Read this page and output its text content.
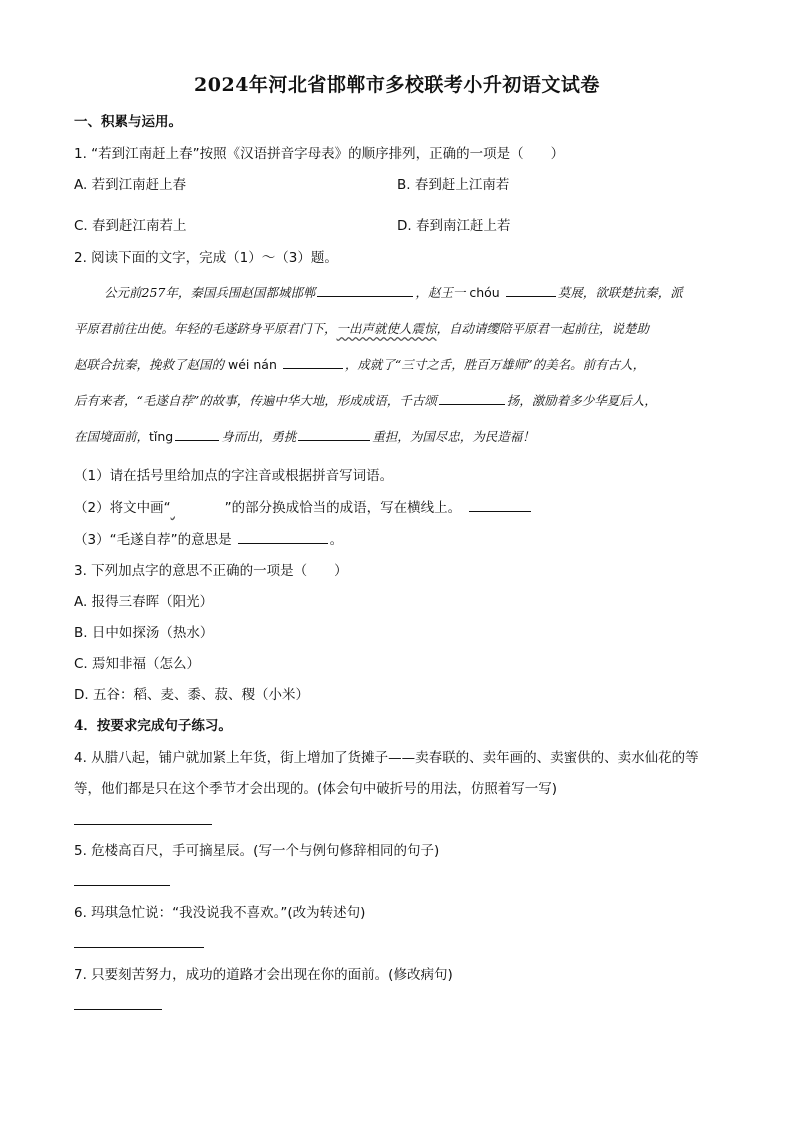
2024年河北省邯郸市多校联考小升初语文试卷
一、积累与运用。
1. “若到江南赶上春”按照《汉语拼音字母表》的顺序排列，正确的一项是（　　）
A. 若到江南赶上春	B. 春到赶上江南若
C. 春到赶江南若上	D. 春到南江赶上若
2. 阅读下面的文字，完成（1）～（3）题。
公元前257年，秦国兵围赵国都城邯郸	，赵王一 chóu	莫展，欲联楚抗秦，派
平原君前往出使。年轻的毛遂跻身平原君门下，一出声就使人震惊，自动请缨陪平原君一起前往，说楚助
赵联合抗秦，挽救了赵国的 wéi nán	，成就了“三寸之舌，胜百万雄师”的美名。前有古人，
后有来者，“毛遂自荐”的故事，传遍中华大地，形成成语，千古颂	扬，激励着多少华夏后人，
在国境面前，tǐng	身而出，勇挑	重担，为国尽忠，为民造福！
（1）请在括号里给加点的字注音或根据拼音写词语。
（2）将文中画“	”的部分换成恰当的成语，写在横线上。
（3）“毛遂自荐”的意思是	。
3. 下列加点字的意思不正确的一项是（　　）
A. 报得三春晖（阳光）
B. 日中如探汤（热水）
C. 焉知非福（怎么）
D. 五谷：稻、麦、黍、菽、稷（小米）
4．按要求完成句子练习。
4. 从腊八起，铺户就加紧上年货，街上增加了货摊子——卖春联的、卖年画的、卖蜜供的、卖水仙花的等
等，他们都是只在这个季节才会出现的。(体会句中破折号的用法，仿照着写一写)
5. 危楼高百尺，手可摘星辰。(写一个与例句修辞相同的句子)
6. 玛琪急忙说：“我没说我不喜欢。”(改为转述句)
7. 只要刻苦努力，成功的道路才会出现在你的面前。(修改病句)
